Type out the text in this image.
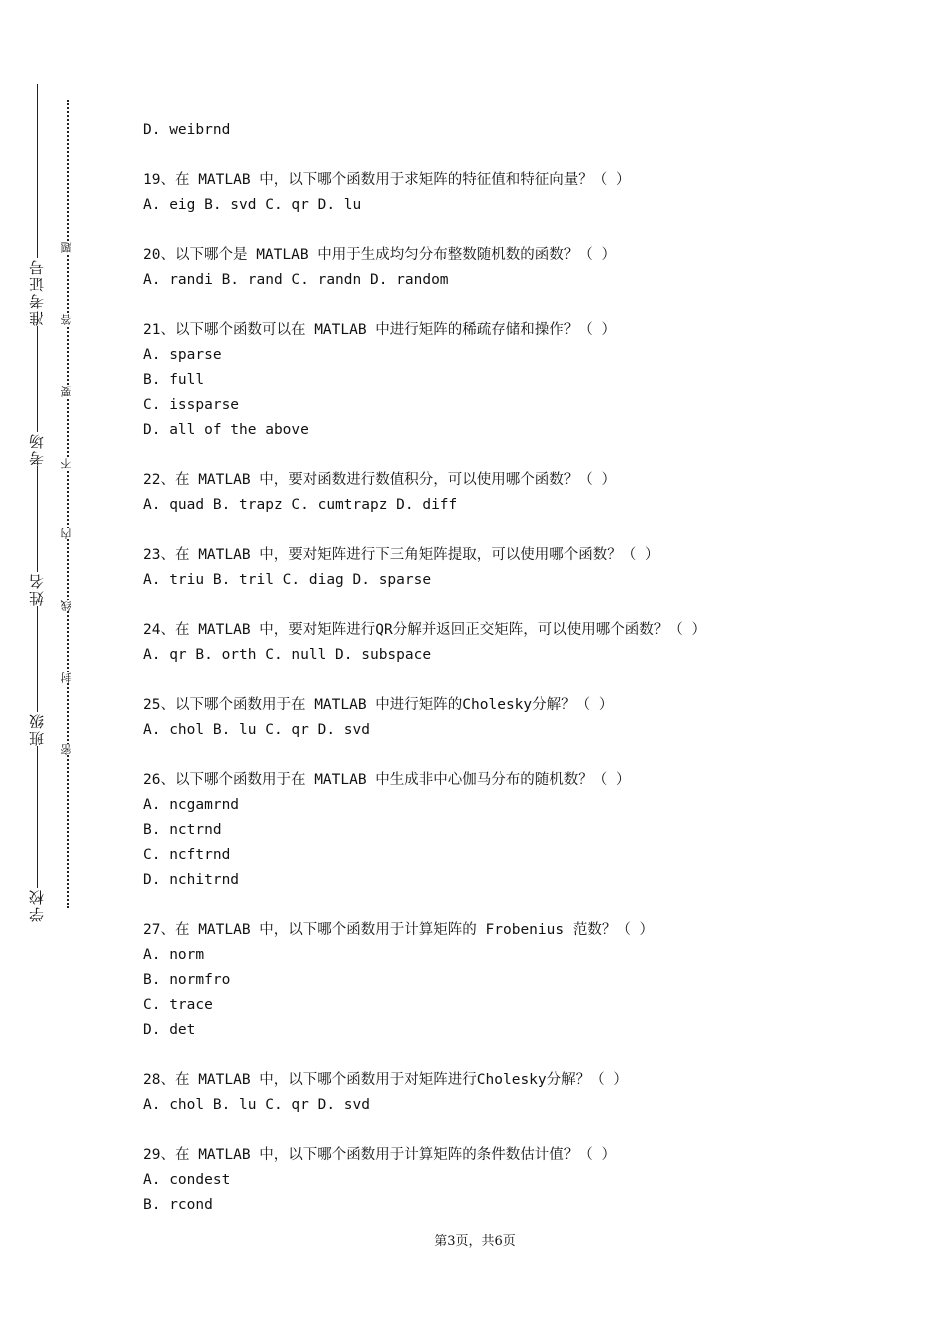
学校
班级
姓名
考场
准考证号
密
封
线
内
不
要
答
题
D. weibrnd
19、在 MATLAB 中，以下哪个函数用于求矩阵的特征值和特征向量？（ ）
A. eig B. svd C. qr D. lu
20、以下哪个是 MATLAB 中用于生成均匀分布整数随机数的函数？（ ）
A. randi B. rand C. randn D. random
21、以下哪个函数可以在 MATLAB 中进行矩阵的稀疏存储和操作？（ ）
A. sparse
B. full
C. issparse
D. all of the above
22、在 MATLAB 中，要对函数进行数值积分，可以使用哪个函数？（ ）
A. quad B. trapz C. cumtrapz D. diff
23、在 MATLAB 中，要对矩阵进行下三角矩阵提取，可以使用哪个函数？（ ）
A. triu B. tril C. diag D. sparse
24、在 MATLAB 中，要对矩阵进行QR分解并返回正交矩阵，可以使用哪个函数？（ ）
A. qr B. orth C. null D. subspace
25、以下哪个函数用于在 MATLAB 中进行矩阵的Cholesky分解？（ ）
A. chol B. lu C. qr D. svd
26、以下哪个函数用于在 MATLAB 中生成非中心伽马分布的随机数？（ ）
A. ncgamrnd
B. nctrnd
C. ncftrnd
D. nchitrnd
27、在 MATLAB 中，以下哪个函数用于计算矩阵的 Frobenius 范数？（ ）
A. norm
B. normfro
C. trace
D. det
28、在 MATLAB 中，以下哪个函数用于对矩阵进行Cholesky分解？（ ）
A. chol B. lu C. qr D. svd
29、在 MATLAB 中，以下哪个函数用于计算矩阵的条件数估计值？（ ）
A. condest
B. rcond
第3页，共6页
